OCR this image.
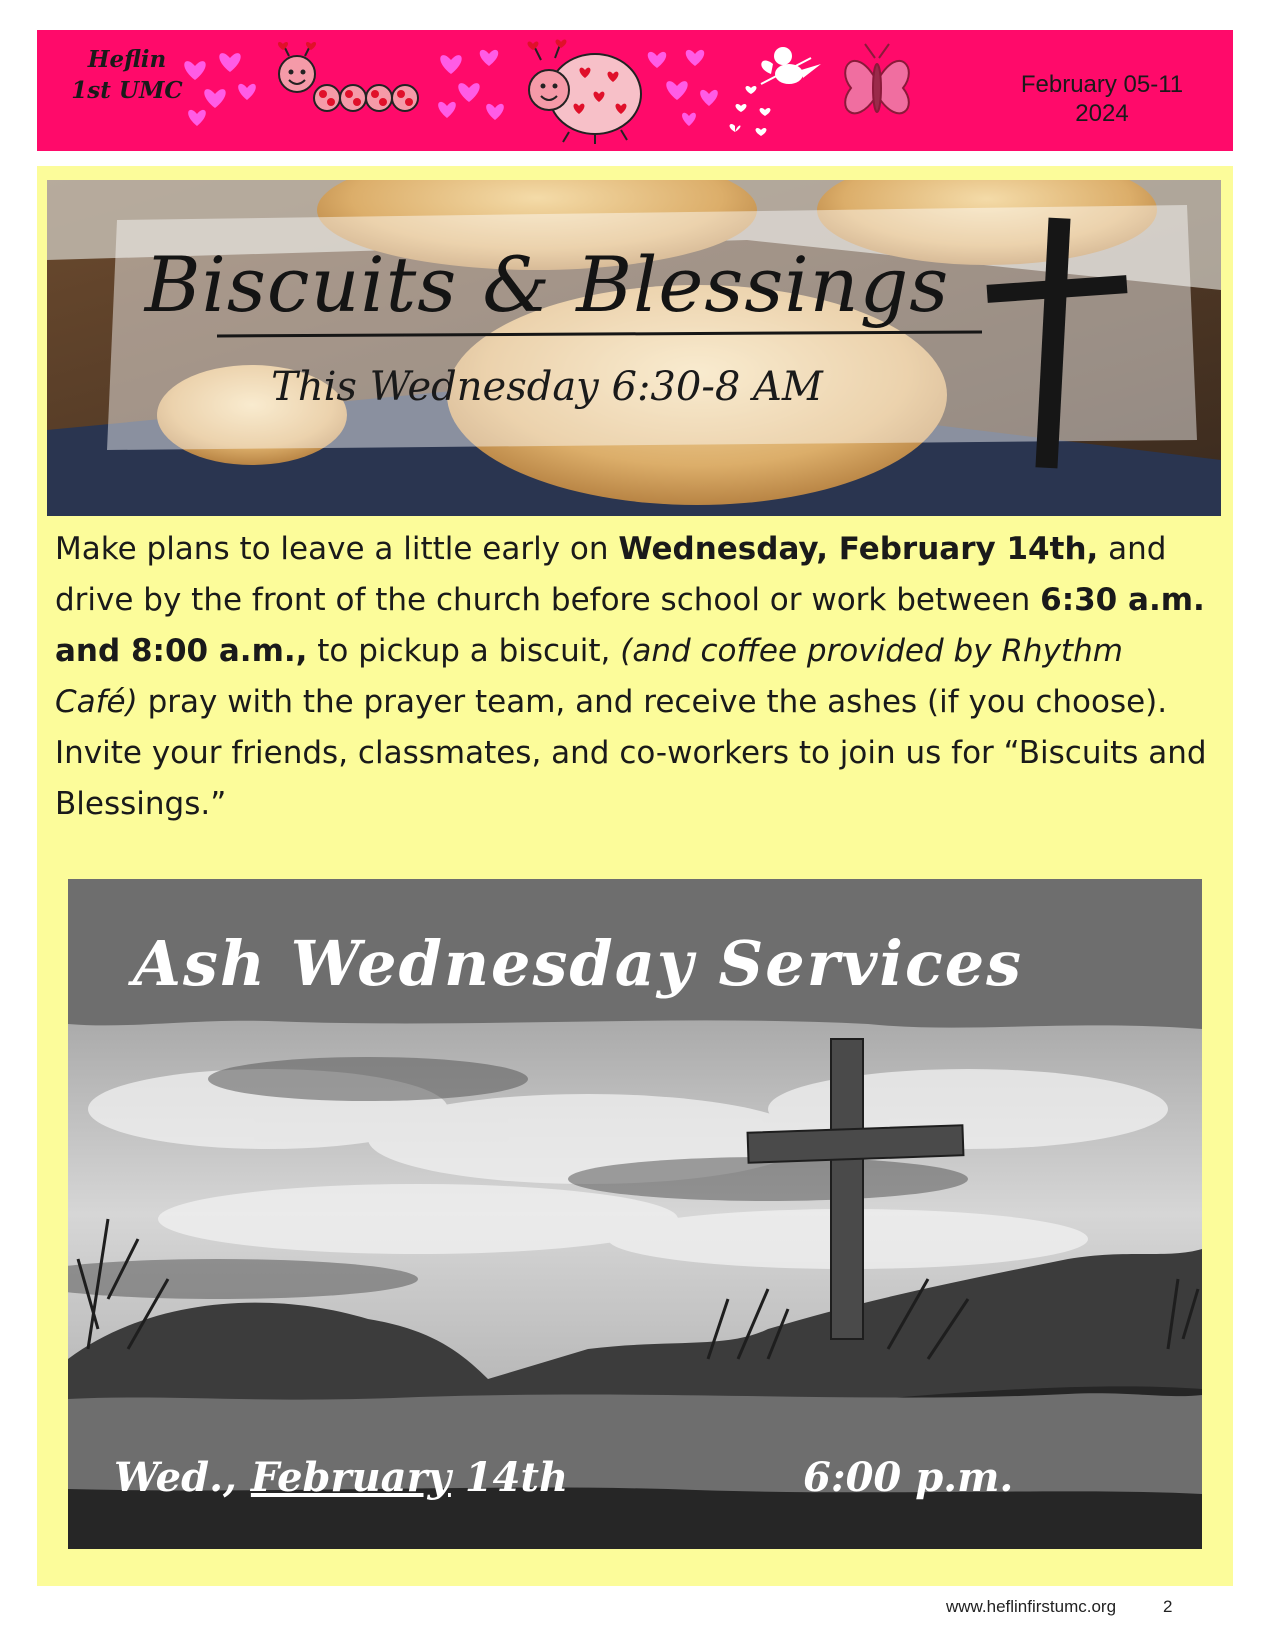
Heflin
1st UMC	February 05-11
2024
Biscuits & Blessings
This Wednesday 6:30-8 AM

Make plans to leave a little early on Wednesday, February 14th, and drive by the front of the church before school or work between 6:30 a.m. and 8:00 a.m., to pickup a biscuit, (and coffee provided by Rhythm Café) pray with the prayer team, and receive the ashes (if you choose). Invite your friends, classmates, and co-workers to join us for “Biscuits and Blessings.”

Ash Wednesday Services
Wed., February 14th	6:00 p.m.
www.heflinfirstumc.org	2
